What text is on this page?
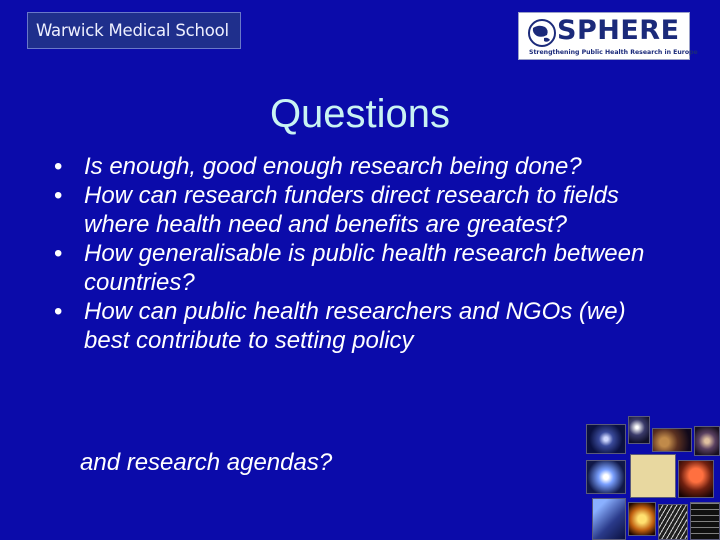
Warwick Medical School	SPHERE
Strengthening Public Health Research in Europe
Questions
• Is enough, good enough research being done?
• How can research funders direct research to fields where health need and benefits are greatest?
• How generalisable is public health research between countries?
• How can public health researchers and NGOs (we) best contribute to setting policy
and research agendas?
